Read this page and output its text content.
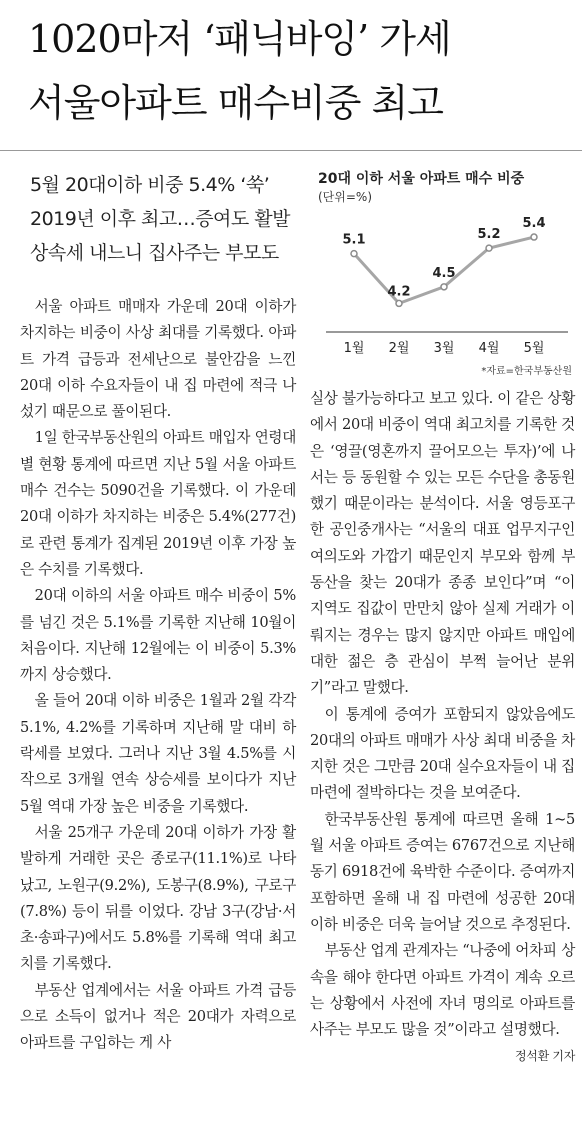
1020마저 ‘패닉바잉’ 가세
서울아파트 매수비중 최고
5월 20대이하 비중 5.4% ‘쑥’
2019년 이후 최고…증여도 활발
상속세 내느니 집사주는 부모도
20대 이하 서울 아파트 매수 비중
(단위=%)
5.1
1월
4.2
2월
4.5
3월
5.2
4월
5.4
5월
*자료=한국부동산원

서울 아파트 매매자 가운데 20대 이하가 차지하는 비중이 사상 최대를 기록했다. 아파트 가격 급등과 전세난으로 불안감을 느낀 20대 이하 수요자들이 내 집 마련에 적극 나섰기 때문으로 풀이된다.

1일 한국부동산원의 아파트 매입자 연령대별 현황 통계에 따르면 지난 5월 서울 아파트 매수 건수는 5090건을 기록했다. 이 가운데 20대 이하가 차지하는 비중은 5.4%(277건)로 관련 통계가 집계된 2019년 이후 가장 높은 수치를 기록했다.

20대 이하의 서울 아파트 매수 비중이 5%를 넘긴 것은 5.1%를 기록한 지난해 10월이 처음이다. 지난해 12월에는 이 비중이 5.3%까지 상승했다.

올 들어 20대 이하 비중은 1월과 2월 각각 5.1%, 4.2%를 기록하며 지난해 말 대비 하락세를 보였다. 그러나 지난 3월 4.5%를 시작으로 3개월 연속 상승세를 보이다가 지난 5월 역대 가장 높은 비중을 기록했다.

서울 25개구 가운데 20대 이하가 가장 활발하게 거래한 곳은 종로구(11.1%)로 나타났고, 노원구(9.2%), 도봉구(8.9%), 구로구(7.8%) 등이 뒤를 이었다. 강남 3구(강남·서초·송파구)에서도 5.8%를 기록해 역대 최고치를 기록했다.

부동산 업계에서는 서울 아파트 가격 급등으로 소득이 없거나 적은 20대가 자력으로 아파트를 구입하는 게 사

실상 불가능하다고 보고 있다. 이 같은 상황에서 20대 비중이 역대 최고치를 기록한 것은 ‘영끌(영혼까지 끌어모으는 투자)’에 나서는 등 동원할 수 있는 모든 수단을 총동원했기 때문이라는 분석이다. 서울 영등포구 한 공인중개사는 “서울의 대표 업무지구인 여의도와 가깝기 때문인지 부모와 함께 부동산을 찾는 20대가 종종 보인다”며 “이 지역도 집값이 만만치 않아 실제 거래가 이뤄지는 경우는 많지 않지만 아파트 매입에 대한 젊은 층 관심이 부쩍 늘어난 분위기”라고 말했다.

이 통계에 증여가 포함되지 않았음에도 20대의 아파트 매매가 사상 최대 비중을 차지한 것은 그만큼 20대 실수요자들이 내 집 마련에 절박하다는 것을 보여준다.

한국부동산원 통계에 따르면 올해 1~5월 서울 아파트 증여는 6767건으로 지난해 동기 6918건에 육박한 수준이다. 증여까지 포함하면 올해 내 집 마련에 성공한 20대 이하 비중은 더욱 늘어날 것으로 추정된다.

부동산 업계 관계자는 “나중에 어차피 상속을 해야 한다면 아파트 가격이 계속 오르는 상황에서 사전에 자녀 명의로 아파트를 사주는 부모도 많을 것”이라고 설명했다.
정석환 기자
